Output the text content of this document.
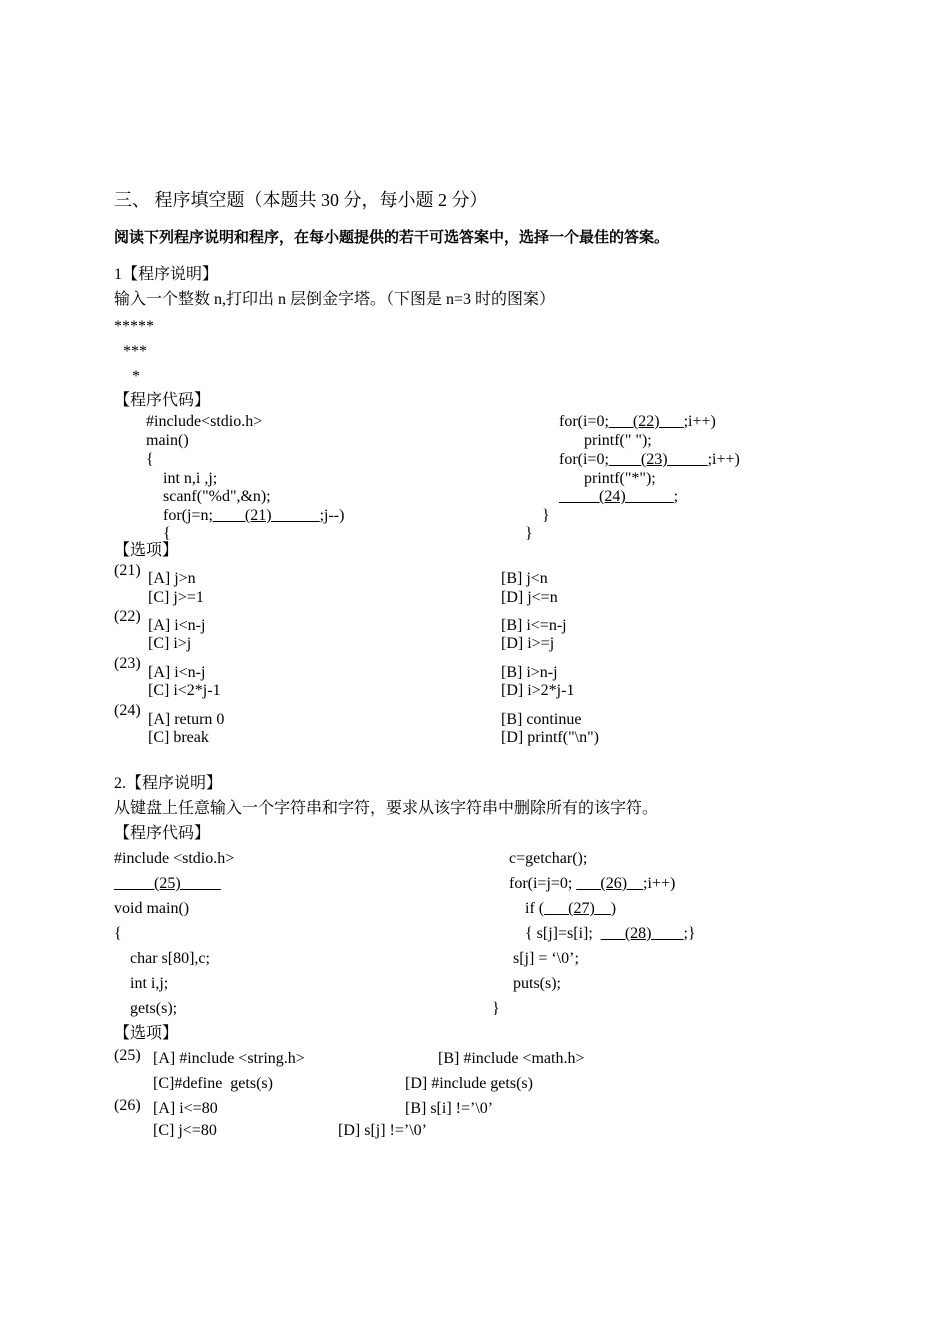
三、 程序填空题（本题共 30 分，每小题 2 分）
阅读下列程序说明和程序，在每小题提供的若干可选答案中，选择一个最佳的答案。
1【程序说明】
输入一个整数 n,打印出 n 层倒金字塔。（下图是 n=3 时的图案）
*****
***
*
【程序代码】
#include<stdio.h>
main()
{
int n,i ,j;
scanf("%d",&n);
for(j=n;____(21)______;j--)
{
for(i=0;___(22)___;i++)
printf(" ");
for(i=0;____(23)_____;i++)
printf("*");
_____(24)______;
}
}
【选项】
(21) [A] j>n	[B] j<n
[C] j>=1	[D] j<=n
(22)
[A] i<n-j	[B] i<=n-j
[C] i>j	[D] i>=j
(23)
[A] i<n-j	[B] i>n-j
[C] i<2*j-1	[D] i>2*j-1
(24)
[A] return 0	[B] continue
[C] break	[D] printf("\n")
2.【程序说明】
从键盘上任意输入一个字符串和字符，要求从该字符串中删除所有的该字符。
【程序代码】
#include <stdio.h>
_____(25)_____
void main()
{
char s[80],c;
int i,j;
gets(s);
c=getchar();
for(i=j=0; ___(26)__;i++)
if (___(27)__)
{ s[j]=s[i];  ___(28)____;}
s[j] = ‘\0’;
puts(s);
}
【选项】
(25) [A] #include <string.h>	[B] #include <math.h>
[C]#define  gets(s)	[D] #include gets(s)
(26) [A] i<=80	[B] s[i] !=’\0’
[C] j<=80	[D] s[j] !=’\0’
